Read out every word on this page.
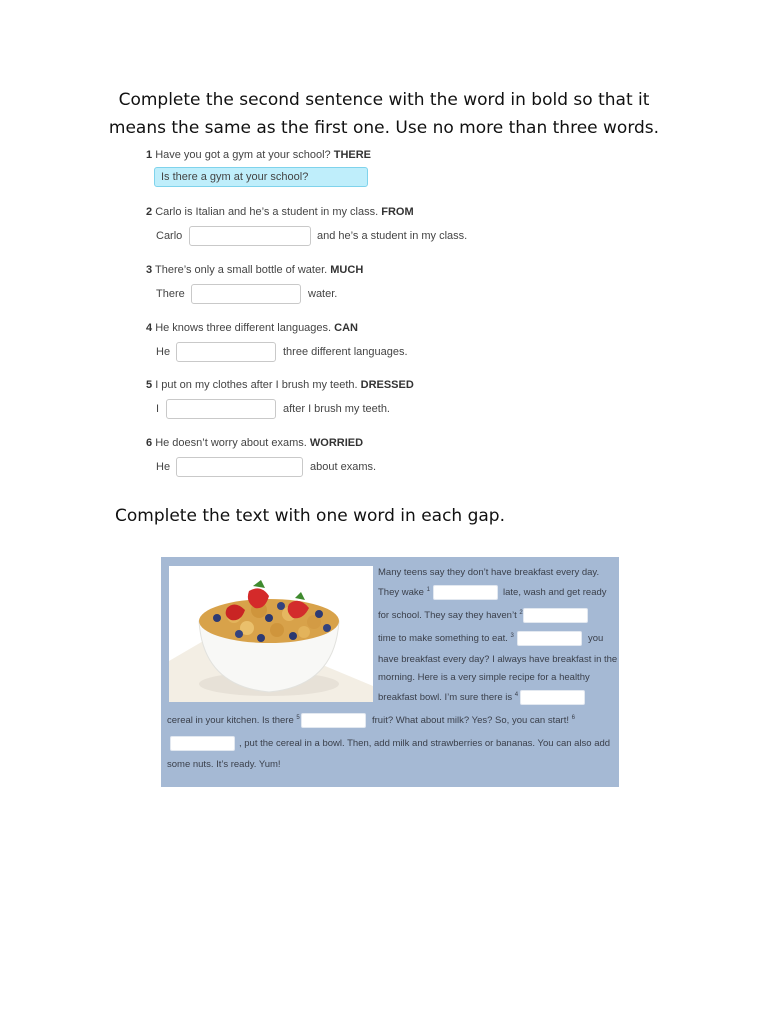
Complete the second sentence with the word in bold so that it
means the same as the first one. Use no more than three words.
1 Have you got a gym at your school? THERE
Is there a gym at your school?
2 Carlo is Italian and he’s a student in my class. FROM
Carlo	and he’s a student in my class.
3 There’s only a small bottle of water. MUCH
There	water.
4 He knows three different languages. CAN
He	three different languages.
5 I put on my clothes after I brush my teeth. DRESSED
I	after I brush my teeth.
6 He doesn’t worry about exams. WORRIED
He	about exams.
Complete the text with one word in each gap.
Many teens say they don’t have breakfast every day.
They wake $^1$	late, wash and get ready
for school. They say they haven’t $^2$
time to make something to eat. $^3$	you
have breakfast every day? I always have breakfast in the
morning. Here is a very simple recipe for a healthy
breakfast bowl. I’m sure there is $^4$
cereal in your kitchen. Is there $^5$	fruit? What about milk? Yes? So, you can start! $^6$
, put the cereal in a bowl. Then, add milk and strawberries or bananas. You can also add
some nuts. It’s ready. Yum!
